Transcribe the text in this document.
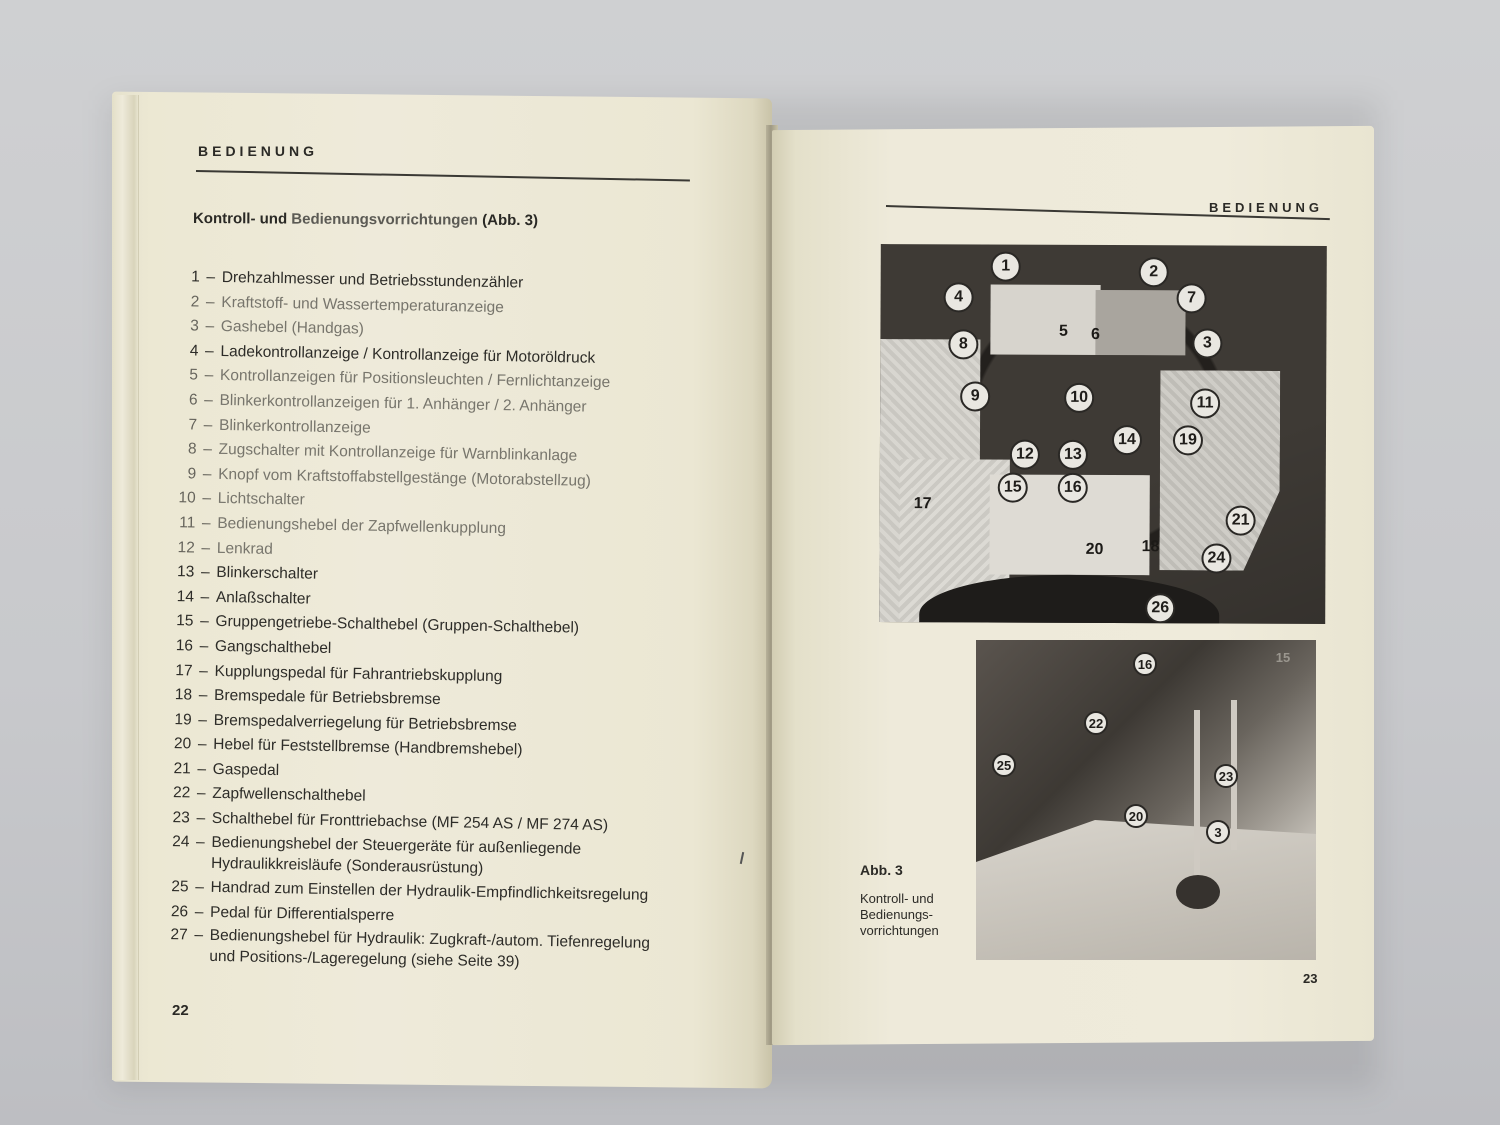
BEDIENUNG
Kontroll- und Bedienungsvorrichtungen (Abb. 3)
1 – Drehzahlmesser und Betriebsstundenzähler
2 – Kraftstoff- und Wassertemperaturanzeige
3 – Gashebel (Handgas)
4 – Ladekontrollanzeige / Kontrollanzeige für Motoröldruck
5 – Kontrollanzeigen für Positionsleuchten / Fernlichtanzeige
6 – Blinkerkontrollanzeigen für 1. Anhänger / 2. Anhänger
7 – Blinkerkontrollanzeige
8 – Zugschalter mit Kontrollanzeige für Warnblinkanlage
9 – Knopf vom Kraftstoffabstellgestänge (Motorabstellzug)
10 – Lichtschalter
11 – Bedienungshebel der Zapfwellenkupplung
12 – Lenkrad
13 – Blinkerschalter
14 – Anlaßschalter
15 – Gruppengetriebe-Schalthebel (Gruppen-Schalthebel)
16 – Gangschalthebel
17 – Kupplungspedal für Fahrantriebskupplung
18 – Bremspedale für Betriebsbremse
19 – Bremspedalverriegelung für Betriebsbremse
20 – Hebel für Feststellbremse (Handbremshebel)
21 – Gaspedal
22 – Zapfwellenschalthebel
23 – Schalthebel für Fronttriebachse (MF 254 AS / MF 274 AS)
24 – Bedienungshebel der Steuergeräte für außenliegende Hydraulikkreisläufe (Sonderausrüstung)
25 – Handrad zum Einstellen der Hydraulik-Empfindlichkeitsregelung
26 – Pedal für Differentialsperre
27 – Bedienungshebel für Hydraulik: Zugkraft-/autom. Tiefenregelung und Positions-/Lageregelung (siehe Seite 39)
22
BEDIENUNG
1	2
3
4
5	6
7
8
9	10	11
12	13
14
15	16
17
18
19
20
21
24
26
15
16
22
23
25
20
3
Abb. 3
Kontroll- und Bedienungs-vorrichtungen
23
